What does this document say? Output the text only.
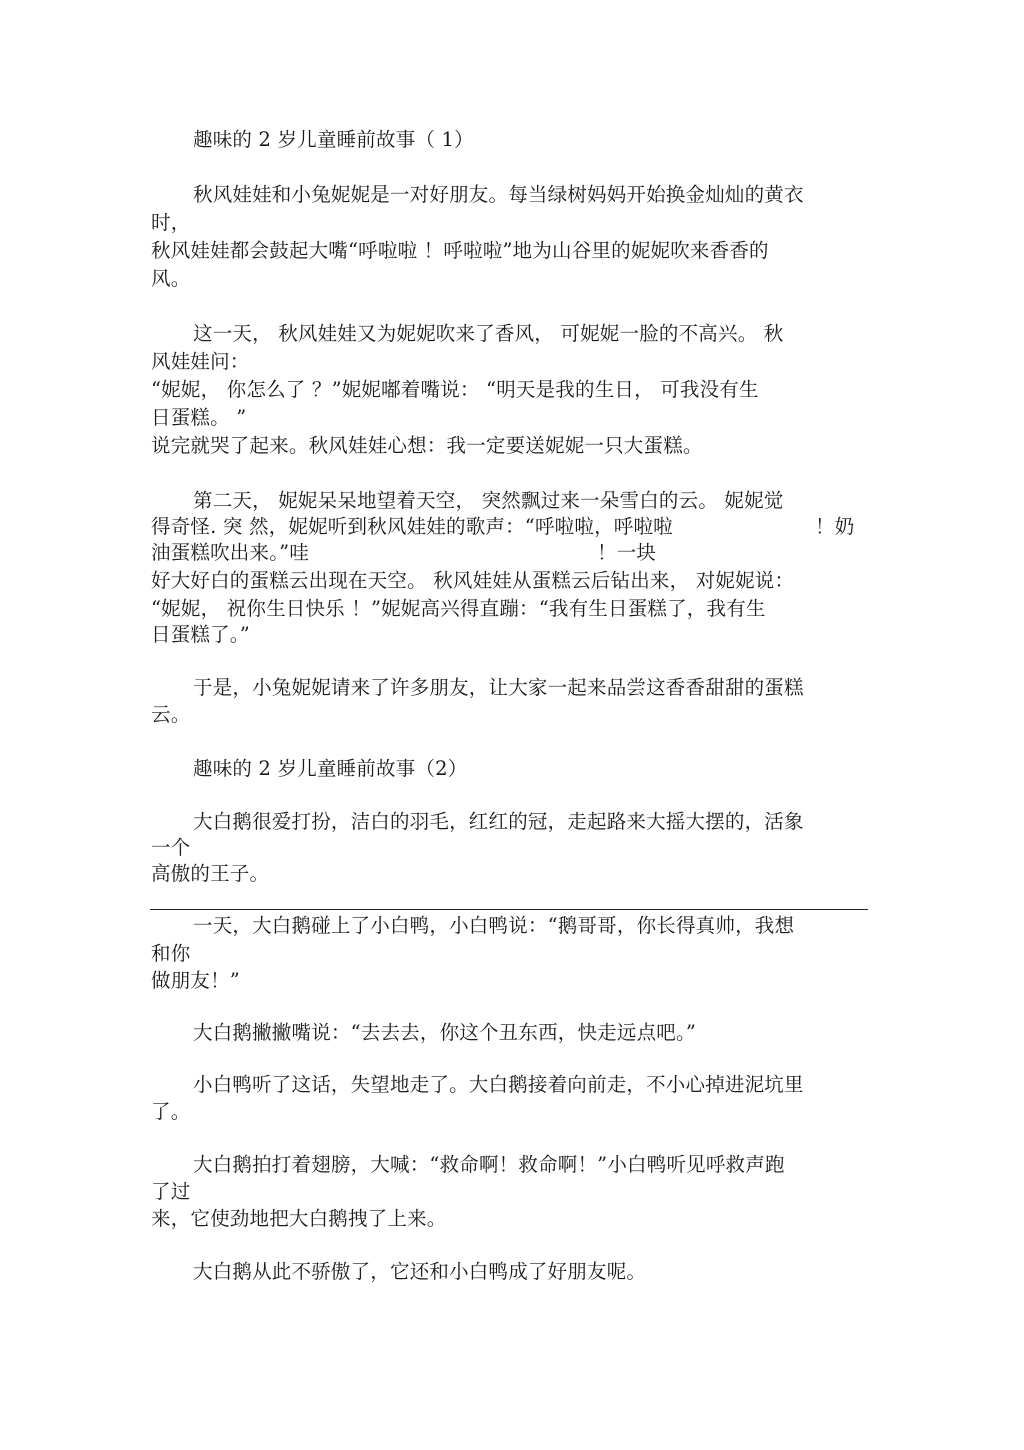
趣味的 2 岁儿童睡前故事（ 1）
秋风娃娃和小兔妮妮是一对好朋友。每当绿树妈妈开始换金灿灿的黄衣
时，
秋风娃娃都会鼓起大嘴“呼啦啦 ！呼啦啦”地为山谷里的妮妮吹来香香的
风。
这一天， 秋风娃娃又为妮妮吹来了香风， 可妮妮一脸的不高兴。 秋
风娃娃问：
“妮妮， 你怎么了 ？”妮妮嘟着嘴说： “明天是我的生日， 可我没有生
日蛋糕。 ”
说完就哭了起来。秋风娃娃心想：我一定要送妮妮一只大蛋糕。
第二天， 妮妮呆呆地望着天空， 突然飘过来一朵雪白的云。 妮妮觉
得奇怪. 突 然，妮妮听到秋风娃娃的歌声：“呼啦啦，呼啦啦	！奶
油蛋糕吹出来。”哇	！一块
好大好白的蛋糕云出现在天空。 秋风娃娃从蛋糕云后钻出来， 对妮妮说：
“妮妮， 祝你生日快乐 ！”妮妮高兴得直蹦：“我有生日蛋糕了，我有生
日蛋糕了。”
于是，小兔妮妮请来了许多朋友，让大家一起来品尝这香香甜甜的蛋糕
云。
趣味的 2 岁儿童睡前故事（2）
大白鹅很爱打扮，洁白的羽毛，红红的冠，走起路来大摇大摆的，活象
一个
高傲的王子。
一天，大白鹅碰上了小白鸭，小白鸭说：“鹅哥哥，你长得真帅，我想
和你
做朋友！”
大白鹅撇撇嘴说：“去去去，你这个丑东西，快走远点吧。”
小白鸭听了这话，失望地走了。大白鹅接着向前走，不小心掉进泥坑里
了。
大白鹅拍打着翅膀，大喊：“救命啊！救命啊！”小白鸭听见呼救声跑
了过
来，它使劲地把大白鹅拽了上来。
大白鹅从此不骄傲了，它还和小白鸭成了好朋友呢。
